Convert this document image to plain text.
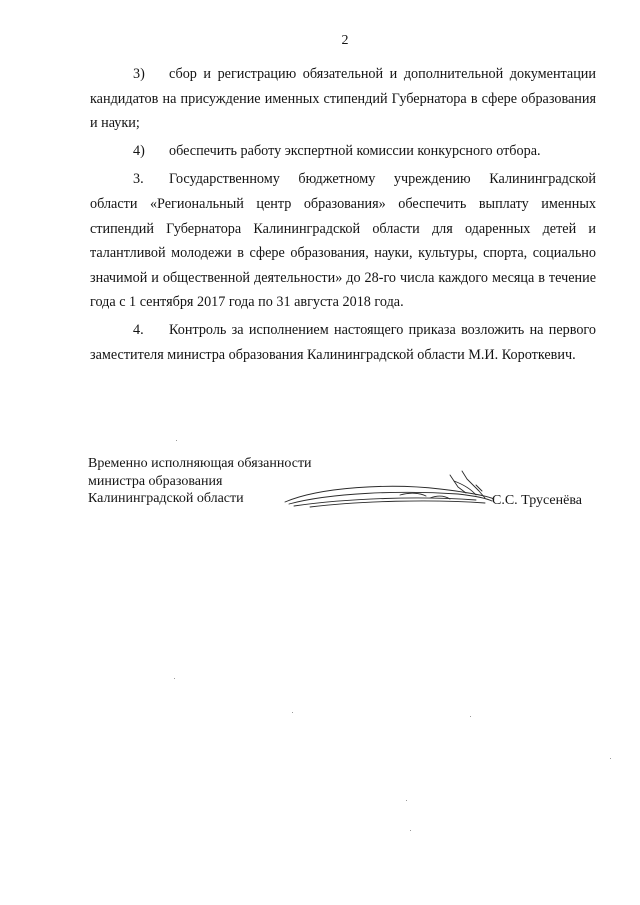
2

3) сбор и регистрацию обязательной и дополнительной документации кандидатов на присуждение именных стипендий Губернатора в сфере образования и науки;

4) обеспечить работу экспертной комиссии конкурсного отбора.

3. Государственному бюджетному учреждению Калининградской области «Региональный центр образования» обеспечить выплату именных стипендий Губернатора Калининградской области для одаренных детей и талантливой молодежи в сфере образования, науки, культуры, спорта, социально значимой и общественной деятельности» до 28-го числа каждого месяца в течение года с 1 сентября 2017 года по 31 августа 2018 года.

4. Контроль за исполнением настоящего приказа возложить на первого заместителя министра образования Калининградской области М.И. Короткевич.

Временно исполняющая обязанности
министра образования
Калининградской области	С.С. Трусенёва
